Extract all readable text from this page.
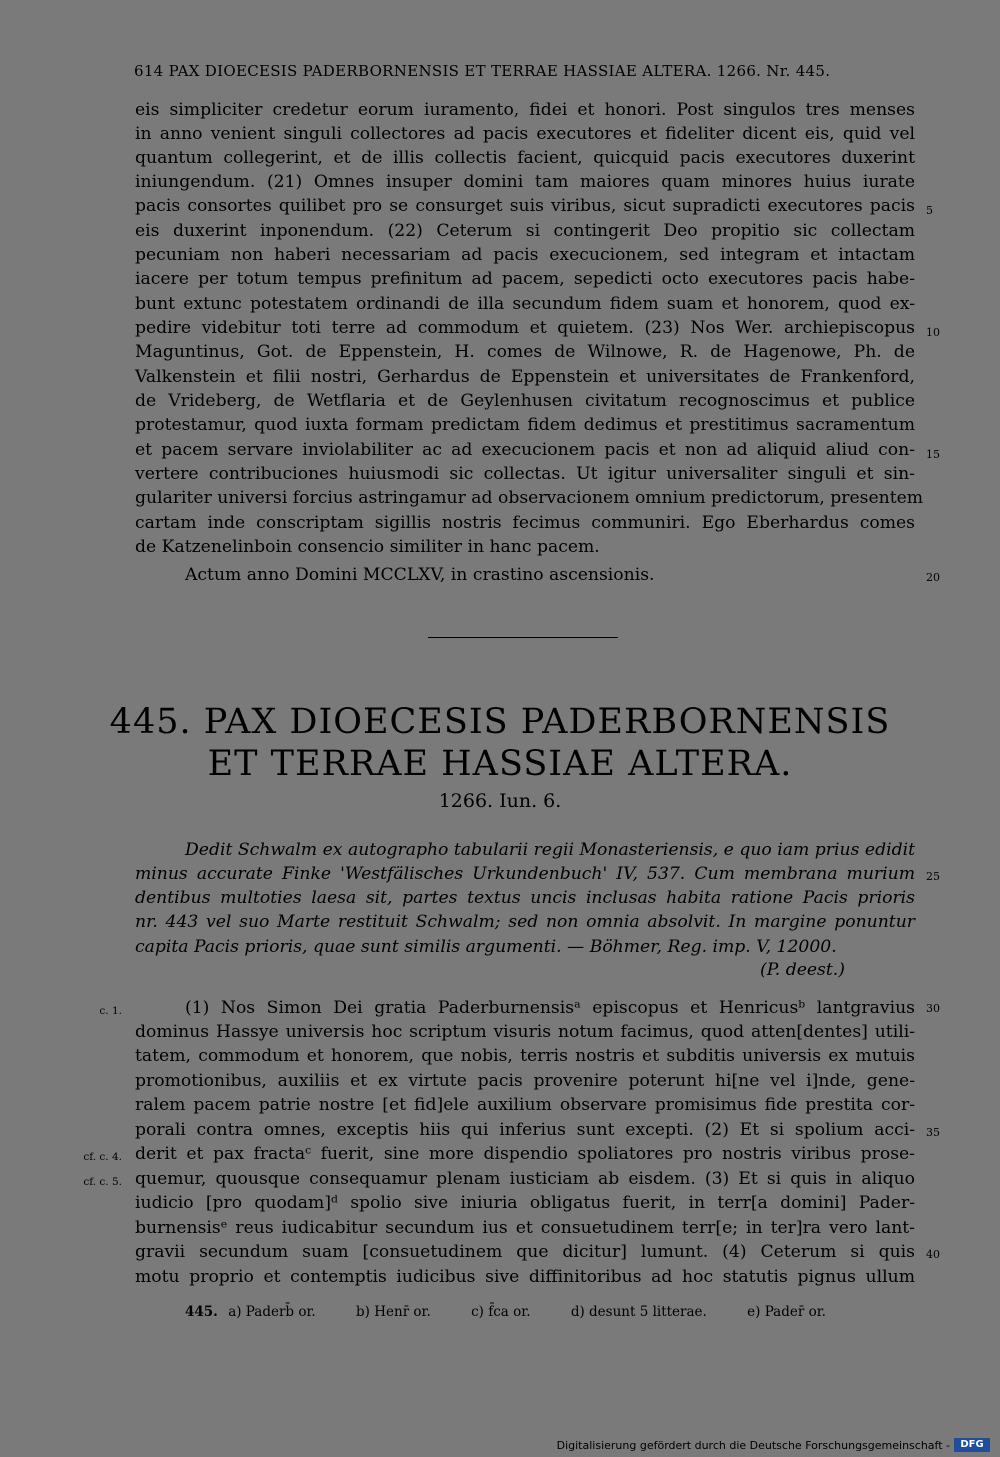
614 PAX DIOECESIS PADERBORNENSIS ET TERRAE HASSIAE ALTERA. 1266. Nr. 445.
eis simpliciter credetur eorum iuramento, fidei et honori. Post singulos tres menses
in anno venient singuli collectores ad pacis executores et fideliter dicent eis, quid vel
quantum collegerint, et de illis collectis facient, quicquid pacis executores duxerint
iniungendum. (21) Omnes insuper domini tam maiores quam minores huius iurate
pacis consortes quilibet pro se consurget suis viribus, sicut supradicti executores pacis
eis duxerint inponendum. (22) Ceterum si contingerit Deo propitio sic collectam
pecuniam non haberi necessariam ad pacis execucionem, sed integram et intactam
iacere per totum tempus prefinitum ad pacem, sepedicti octo executores pacis habe-
bunt extunc potestatem ordinandi de illa secundum fidem suam et honorem, quod ex-
pedire videbitur toti terre ad commodum et quietem. (23) Nos Wer. archiepiscopus
Maguntinus, Got. de Eppenstein, H. comes de Wilnowe, R. de Hagenowe, Ph. de
Valkenstein et filii nostri, Gerhardus de Eppenstein et universitates de Frankenford,
de Vrideberg, de Wetflaria et de Geylenhusen civitatum recognoscimus et publice
protestamur, quod iuxta formam predictam fidem dedimus et prestitimus sacramentum
et pacem servare inviolabiliter ac ad execucionem pacis et non ad aliquid aliud con-
vertere contribuciones huiusmodi sic collectas. Ut igitur universaliter singuli et sin-
gulariter universi forcius astringamur ad observacionem omnium predictorum, presentem
cartam inde conscriptam sigillis nostris fecimus communiri. Ego Eberhardus comes
de Katzenelinboin consencio similiter in hanc pacem.
Actum anno Domini MCCLXV, in crastino ascensionis.
5
10
15
20
445. PAX DIOECESIS PADERBORNENSIS
ET TERRAE HASSIAE ALTERA.
1266. Iun. 6.
Dedit Schwalm ex autographo tabularii regii Monasteriensis, e quo iam prius edidit
minus accurate Finke 'Westfälisches Urkundenbuch' IV, 537. Cum membrana murium
dentibus multoties laesa sit, partes textus uncis inclusas habita ratione Pacis prioris
nr. 443 vel suo Marte restituit Schwalm; sed non omnia absolvit. In margine ponuntur
capita Pacis prioris, quae sunt similis argumenti. — Böhmer, Reg. imp. V, 12000.
(P. deest.)
25
(1) Nos Simon Dei gratia Paderburnensisᵃ episcopus et Henricusᵇ lantgravius
dominus Hassye universis hoc scriptum visuris notum facimus, quod atten[dentes] utili-
tatem, commodum et honorem, que nobis, terris nostris et subditis universis ex mutuis
promotionibus, auxiliis et ex virtute pacis provenire poterunt hi[ne vel i]nde, gene-
ralem pacem patrie nostre [et fid]ele auxilium observare promisimus fide prestita cor-
porali contra omnes, exceptis hiis qui inferius sunt excepti. (2) Et si spolium acci-
derit et pax fractaᶜ fuerit, sine more dispendio spoliatores pro nostris viribus prose-
quemur, quousque consequamur plenam iusticiam ab eisdem. (3) Et si quis in aliquo
iudicio [pro quodam]ᵈ spolio sive iniuria obligatus fuerit, in terr[a domini] Pader-
burnensisᵉ reus iudicabitur secundum ius et consuetudinem terr[e; in ter]ra vero lant-
gravii secundum suam [consuetudinem que dicitur] lumunt. (4) Ceterum si quis
motu proprio et contemptis iudicibus sive diffinitoribus ad hoc statutis pignus ullum
30
35
40
c. 1.
cf. c. 4.
cf. c. 5.
445. a) Paderb̄ or.	b) Henr̄ or.	c) f̄ca or.	d) desunt 5 litterae.	e) Pader̄ or.
Digitalisierung gefördert durch die Deutsche Forschungsgemeinschaft -	DFG
